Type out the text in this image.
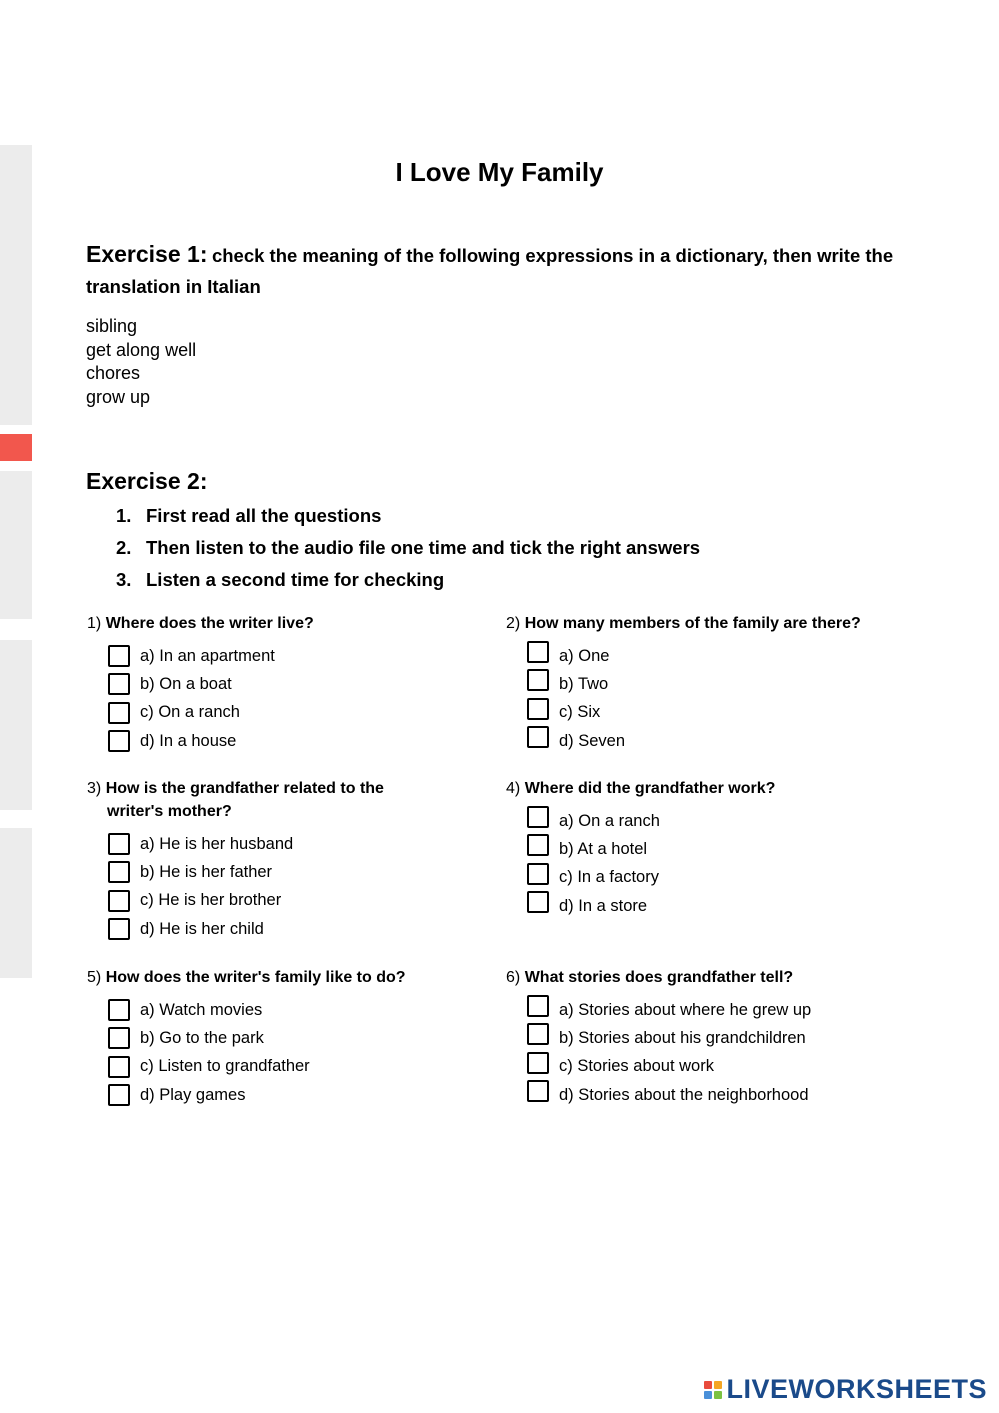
I Love My Family
Exercise 1: check the meaning of the following expressions in a dictionary, then write the translation in Italian
sibling
get along well
chores
grow up
Exercise 2:
1. First read all the questions
2. Then listen to the audio file one time and tick the right answers
3. Listen a second time for checking
1) Where does the writer live?
a) In an apartment
b) On a boat
c) On a ranch
d) In a house
2) How many members of the family are there?
a) One
b) Two
c) Six
d) Seven
3) How is the grandfather related to the writer's mother?
a) He is her husband
b) He is her father
c) He is her brother
d) He is her child
4) Where did the grandfather work?
a) On a ranch
b) At a hotel
c) In a factory
d) In a store
5) How does the writer's family like to do?
a) Watch movies
b) Go to the park
c) Listen to grandfather
d) Play games
6) What stories does grandfather tell?
a) Stories about where he grew up
b) Stories about his grandchildren
c) Stories about work
d) Stories about the neighborhood
LIVEWORKSHEETS
